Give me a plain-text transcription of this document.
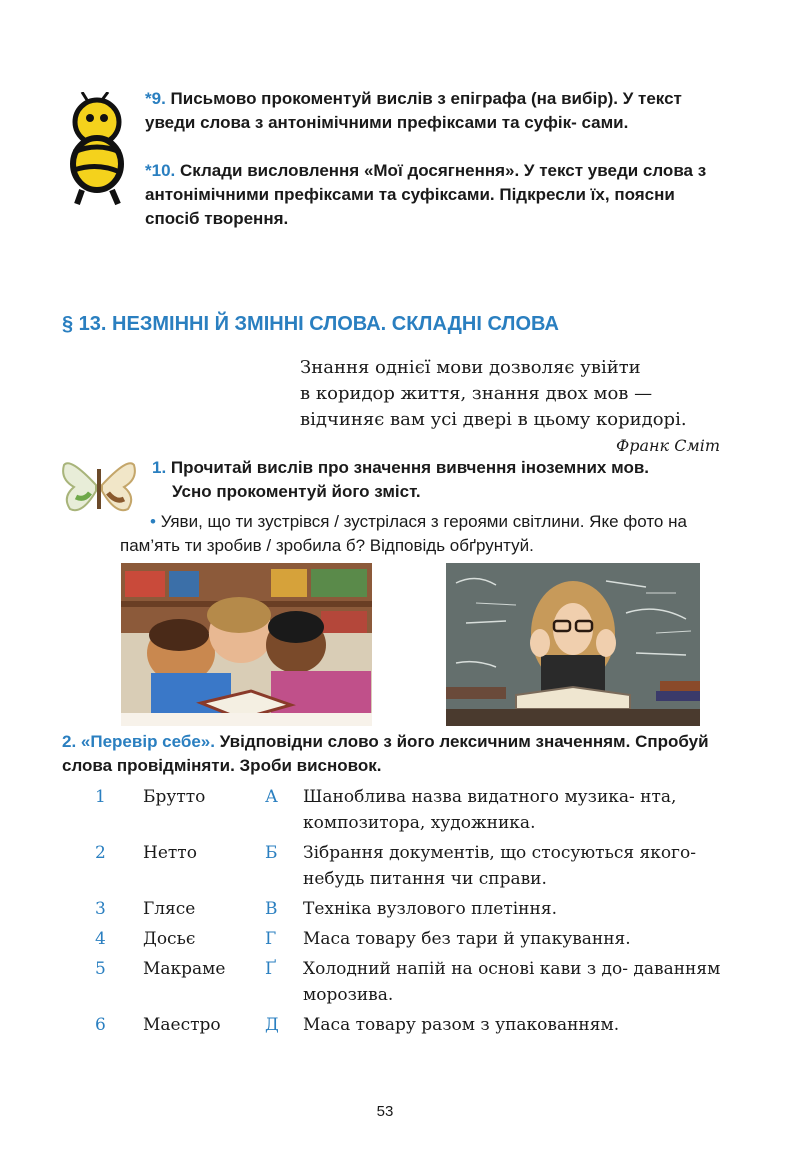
*9. Письмово прокоментуй вислів з епіграфа (на вибір). У текст уведи слова з антонімічними префіксами та суфік- сами.
*10. Склади висловлення «Мої досягнення». У текст уведи слова з антонімічними префіксами та суфіксами. Підкресли їх, поясни спосіб творення.
§ 13. НЕЗМІННІ Й ЗМІННІ СЛОВА. СКЛАДНІ СЛОВА
Знання однієї мови дозволяє увійти
в коридор життя, знання двох мов —
відчиняє вам усі двері в цьому коридорі.
Франк Сміт
1. Прочитай вислів про значення вивчення іноземних мов.
Усно прокоментуй його зміст.
• Уяви, що ти зустрівся / зустрілася з героями світлини. Яке фото на пам’ять ти зробив / зробила б? Відповідь обґрунтуй.
2. «Перевір себе». Увідповідни слово з його лексичним значенням. Спробуй слова провідміняти. Зроби висновок.
1	Брутто	А	Шаноблива назва видатного музика- нта, композитора, художника.
2	Нетто	Б	Зібрання документів, що стосуються якого-небудь питання чи справи.
3	Глясе	В	Техніка вузлового плетіння.
4	Досьє	Г	Маса товару без тари й упакування.
5	Макраме	Ґ	Холодний напій на основі кави з до- даванням морозива.
6	Маестро	Д	Маса товару разом з упакованням.
53
